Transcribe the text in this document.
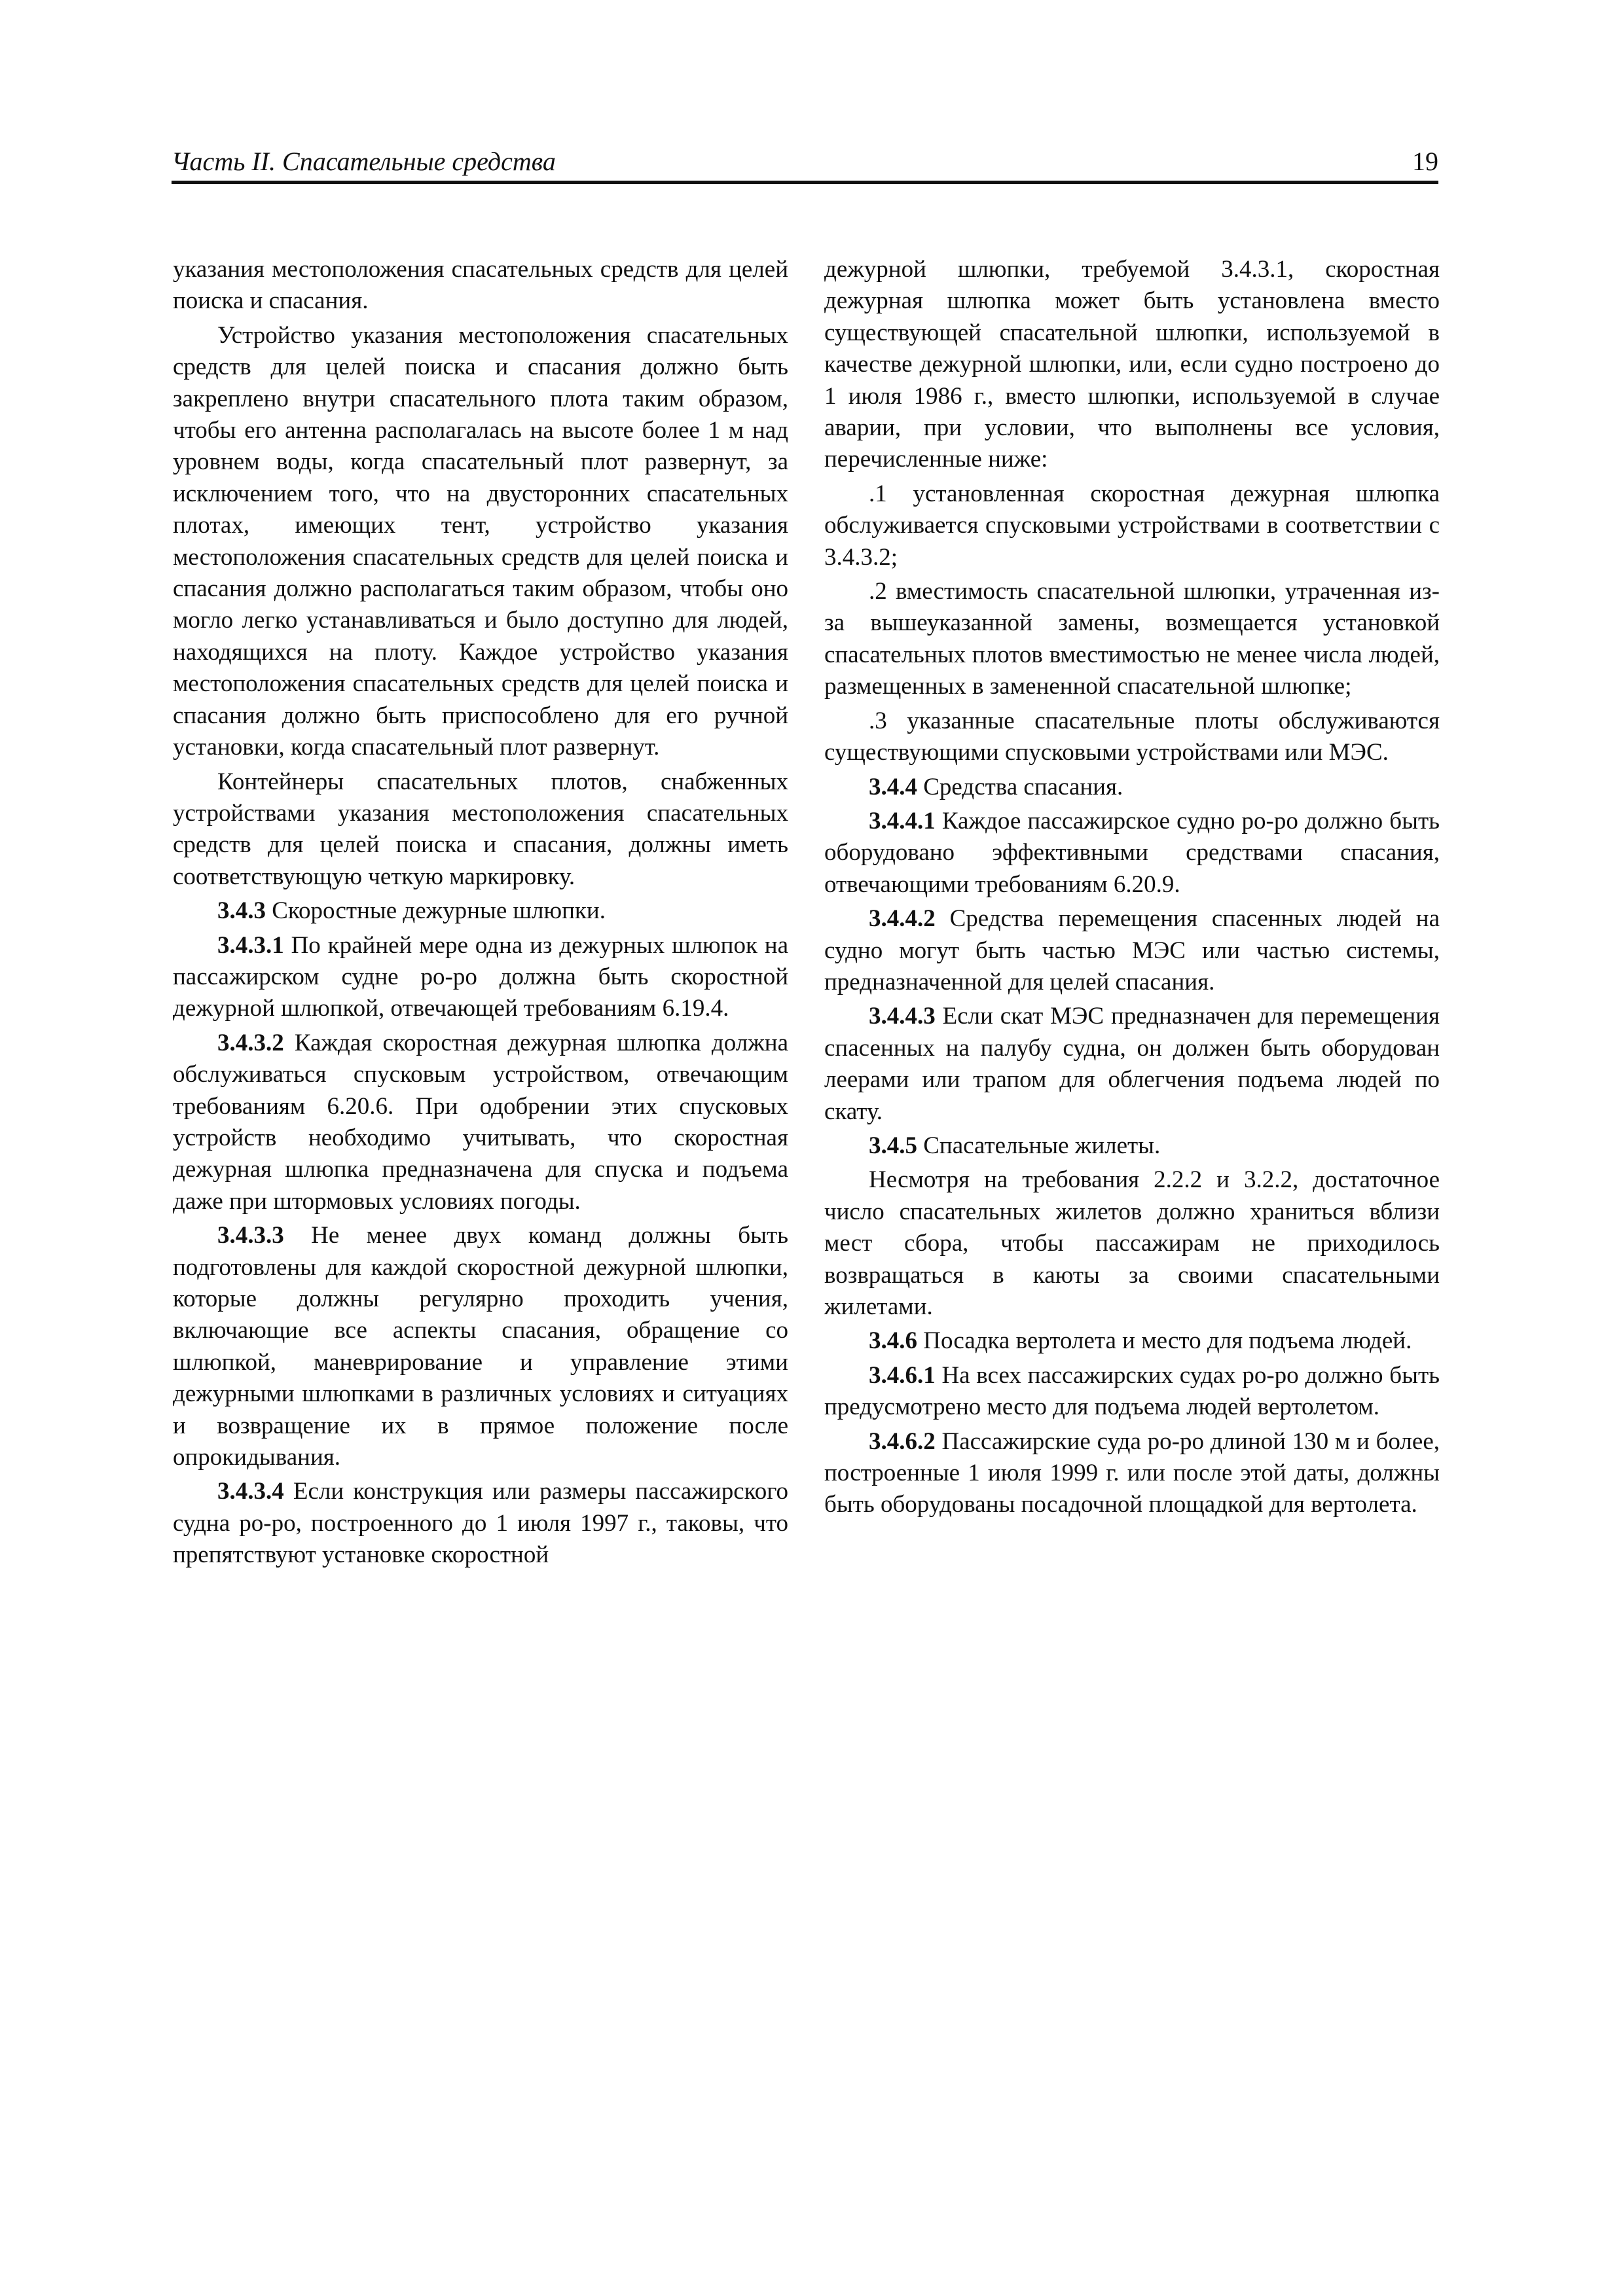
Часть II. Спасательные средства	19

указания местоположения спасательных средств для целей поиска и спасания.

Устройство указания местоположения спасательных средств для целей поиска и спасания должно быть закреплено внутри спасательного плота таким образом, чтобы его антенна располагалась на высоте более 1 м над уровнем воды, когда спасательный плот развернут, за исключением того, что на двусторонних спасательных плотах, имеющих тент, устройство указания местоположения спасательных средств для целей поиска и спасания должно располагаться таким образом, чтобы оно могло легко устанавливаться и было доступно для людей, находящихся на плоту. Каждое устройство указания местоположения спасательных средств для целей поиска и спасания должно быть приспособлено для его ручной установки, когда спасательный плот развернут.

Контейнеры спасательных плотов, снабженных устройствами указания местоположения спасательных средств для целей поиска и спасания, должны иметь соответствующую четкую маркировку.

3.4.3 Скоростные дежурные шлюпки.

3.4.3.1 По крайней мере одна из дежурных шлюпок на пассажирском судне ро-ро должна быть скоростной дежурной шлюпкой, отвечающей требованиям 6.19.4.

3.4.3.2 Каждая скоростная дежурная шлюпка должна обслуживаться спусковым устройством, отвечающим требованиям 6.20.6. При одобрении этих спусковых устройств необходимо учитывать, что скоростная дежурная шлюпка предназначена для спуска и подъема даже при штормовых условиях погоды.

3.4.3.3 Не менее двух команд должны быть подготовлены для каждой скоростной дежурной шлюпки, которые должны регулярно проходить учения, включающие все аспекты спасания, обращение со шлюпкой, маневрирование и управление этими дежурными шлюпками в различных условиях и ситуациях и возвращение их в прямое положение после опрокидывания.

3.4.3.4 Если конструкция или размеры пассажирского судна ро-ро, построенного до 1 июля 1997 г., таковы, что препятствуют установке скоростной

дежурной шлюпки, требуемой 3.4.3.1, скоростная дежурная шлюпка может быть установлена вместо существующей спасательной шлюпки, используемой в качестве дежурной шлюпки, или, если судно построено до 1 июля 1986 г., вместо шлюпки, используемой в случае аварии, при условии, что выполнены все условия, перечисленные ниже:

.1 установленная скоростная дежурная шлюпка обслуживается спусковыми устройствами в соответствии с 3.4.3.2;

.2 вместимость спасательной шлюпки, утраченная из-за вышеуказанной замены, возмещается установкой спасательных плотов вместимостью не менее числа людей, размещенных в замененной спасательной шлюпке;

.3 указанные спасательные плоты обслуживаются существующими спусковыми устройствами или МЭС.

3.4.4 Средства спасания.

3.4.4.1 Каждое пассажирское судно ро-ро должно быть оборудовано эффективными средствами спасания, отвечающими требованиям 6.20.9.

3.4.4.2 Средства перемещения спасенных людей на судно могут быть частью МЭС или частью системы, предназначенной для целей спасания.

3.4.4.3 Если скат МЭС предназначен для перемещения спасенных на палубу судна, он должен быть оборудован леерами или трапом для облегчения подъема людей по скату.

3.4.5 Спасательные жилеты.

Несмотря на требования 2.2.2 и 3.2.2, достаточное число спасательных жилетов должно храниться вблизи мест сбора, чтобы пассажирам не приходилось возвращаться в каюты за своими спасательными жилетами.

3.4.6 Посадка вертолета и место для подъема людей.

3.4.6.1 На всех пассажирских судах ро-ро должно быть предусмотрено место для подъема людей вертолетом.

3.4.6.2 Пассажирские суда ро-ро длиной 130 м и более, построенные 1 июля 1999 г. или после этой даты, должны быть оборудованы посадочной площадкой для вертолета.
